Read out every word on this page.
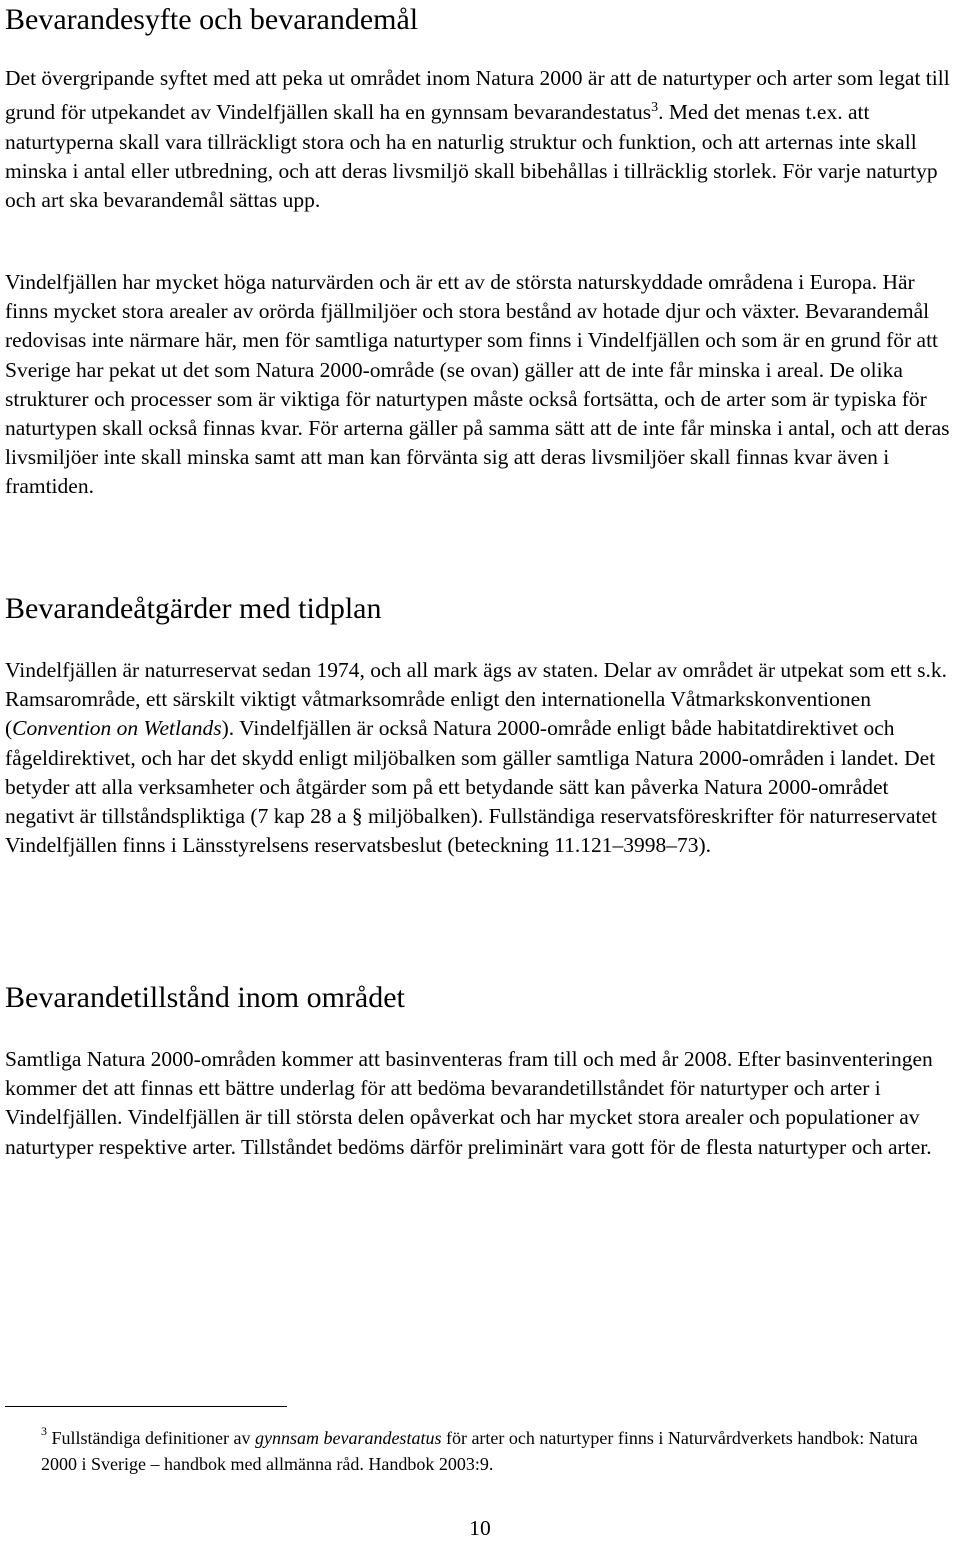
Bevarandesyfte och bevarandemål

Det övergripande syftet med att peka ut området inom Natura 2000 är att de naturtyper och arter som legat till grund för utpekandet av Vindelfjällen skall ha en gynnsam bevarandestatus$^3$. Med det menas t.ex. att naturtyperna skall vara tillräckligt stora och ha en naturlig struktur och funktion, och att arternas inte skall minska i antal eller utbredning, och att deras livsmiljö skall bibehållas i tillräcklig storlek. För varje naturtyp och art ska bevarandemål sättas upp.

Vindelfjällen har mycket höga naturvärden och är ett av de största naturskyddade områdena i Europa. Här finns mycket stora arealer av orörda fjällmiljöer och stora bestånd av hotade djur och växter. Bevarandemål redovisas inte närmare här, men för samtliga naturtyper som finns i Vindelfjällen och som är en grund för att Sverige har pekat ut det som Natura 2000-område (se ovan) gäller att de inte får minska i areal. De olika strukturer och processer som är viktiga för naturtypen måste också fortsätta, och de arter som är typiska för naturtypen skall också finnas kvar. För arterna gäller på samma sätt att de inte får minska i antal, och att deras livsmiljöer inte skall minska samt att man kan förvänta sig att deras livsmiljöer skall finnas kvar även i framtiden.

Bevarandeåtgärder med tidplan

Vindelfjällen är naturreservat sedan 1974, och all mark ägs av staten. Delar av området är utpekat som ett s.k. Ramsarområde, ett särskilt viktigt våtmarksområde enligt den internationella Våtmarkskonventionen (Convention on Wetlands). Vindelfjällen är också Natura 2000-område enligt både habitatdirektivet och fågeldirektivet, och har det skydd enligt miljöbalken som gäller samtliga Natura 2000-områden i landet. Det betyder att alla verksamheter och åtgärder som på ett betydande sätt kan påverka Natura 2000-området negativt är tillståndspliktiga (7 kap 28 a § miljöbalken). Fullständiga reservatsföreskrifter för naturreservatet Vindelfjällen finns i Länsstyrelsens reservatsbeslut (beteckning 11.121–3998–73).

Bevarandetillstånd inom området

Samtliga Natura 2000-områden kommer att basinventeras fram till och med år 2008. Efter basinventeringen kommer det att finnas ett bättre underlag för att bedöma bevarandetillståndet för naturtyper och arter i Vindelfjällen. Vindelfjällen är till största delen opåverkat och har mycket stora arealer och populationer av naturtyper respektive arter. Tillståndet bedöms därför preliminärt vara gott för de flesta naturtyper och arter.

$^3$ Fullständiga definitioner av gynnsam bevarandestatus för arter och naturtyper finns i Naturvårdverkets handbok: Natura 2000 i Sverige – handbok med allmänna råd. Handbok 2003:9.
10
